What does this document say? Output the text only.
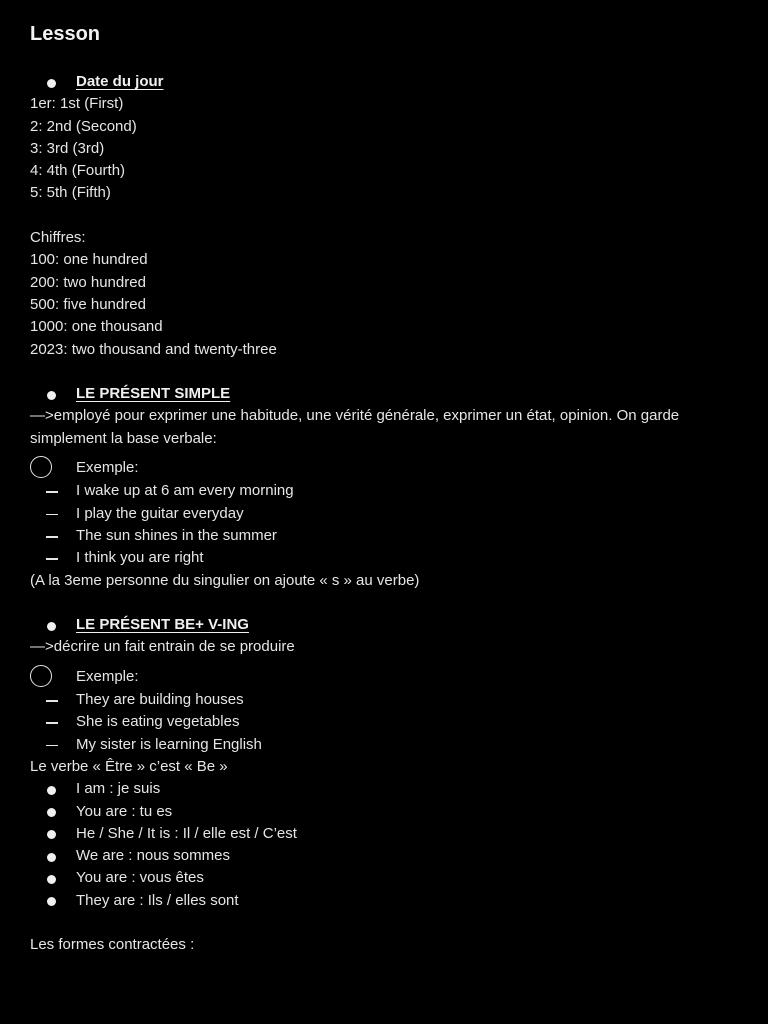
Lesson
Date du jour
1er: 1st (First)
2: 2nd (Second)
3: 3rd (3rd)
4: 4th (Fourth)
5: 5th (Fifth)
Chiffres:
100: one hundred
200: two hundred
500: five hundred
1000: one thousand
2023: two thousand and twenty-three
LE PRÉSENT SIMPLE
—>employé pour exprimer une habitude, une vérité générale, exprimer un état, opinion. On garde simplement la base verbale:
Exemple:
I wake up at 6 am every morning
I play the guitar everyday
The sun shines in the summer
I think you are right
(A la 3eme personne du singulier on ajoute « s » au verbe)
LE PRÉSENT BE+ V-ING
—>décrire un fait entrain de se produire
Exemple:
They are building houses
She is eating vegetables
My sister is learning English
Le verbe « Être » c’est « Be »
I am : je suis
You are : tu es
He / She / It is : Il / elle est / C’est
We are : nous sommes
You are : vous êtes
They are : Ils / elles sont
Les formes contractées :
